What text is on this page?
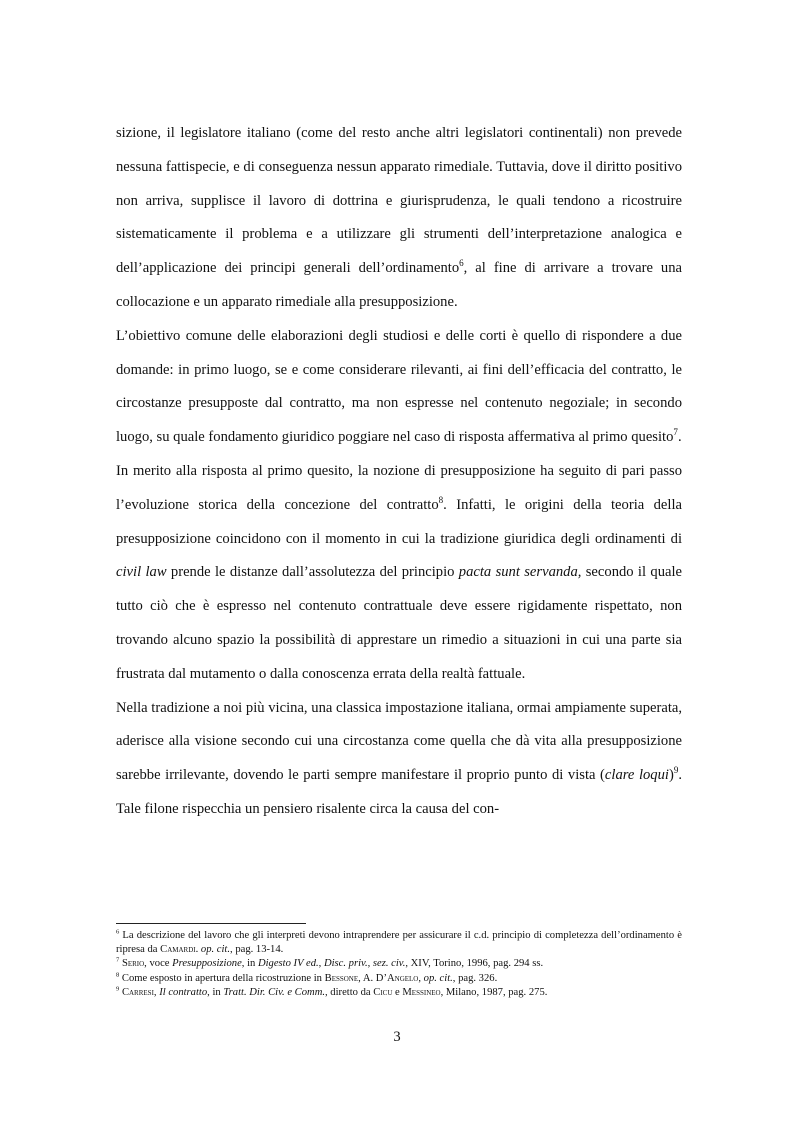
sizione, il legislatore italiano (come del resto anche altri legislatori continentali) non prevede nessuna fattispecie, e di conseguenza nessun apparato rimediale. Tuttavia, dove il diritto positivo non arriva, supplisce il lavoro di dottrina e giurisprudenza, le quali tendono a ricostruire sistematicamente il problema e a utilizzare gli strumenti dell’interpretazione analogica e dell’applicazione dei principi generali dell’ordinamento$^6$, al fine di arrivare a trovare una collocazione e un apparato rimediale alla presupposizione.

L’obiettivo comune delle elaborazioni degli studiosi e delle corti è quello di rispondere a due domande: in primo luogo, se e come considerare rilevanti, ai fini dell’efficacia del contratto, le circostanze presupposte dal contratto, ma non espresse nel contenuto negoziale; in secondo luogo, su quale fondamento giuridico poggiare nel caso di risposta affermativa al primo quesito$^7$.

In merito alla risposta al primo quesito, la nozione di presupposizione ha seguito di pari passo l’evoluzione storica della concezione del contratto$^8$. Infatti, le origini della teoria della presupposizione coincidono con il momento in cui la tradizione giuridica degli ordinamenti di civil law prende le distanze dall’assolutezza del principio pacta sunt servanda, secondo il quale tutto ciò che è espresso nel contenuto contrattuale deve essere rigidamente rispettato, non trovando alcuno spazio la possibilità di apprestare un rimedio a situazioni in cui una parte sia frustrata dal mutamento o dalla conoscenza errata della realtà fattuale.

Nella tradizione a noi più vicina, una classica impostazione italiana, ormai ampiamente superata, aderisce alla visione secondo cui una circostanza come quella che dà vita alla presupposizione sarebbe irrilevante, dovendo le parti sempre manifestare il proprio punto di vista (clare loqui)$^9$. Tale filone rispecchia un pensiero risalente circa la causa del con-

$^6$ La descrizione del lavoro che gli interpreti devono intraprendere per assicurare il c.d. principio di completezza dell’ordinamento è ripresa da Camardi. op. cit., pag. 13-14.

$^7$ Serio, voce Presupposizione, in Digesto IV ed., Disc. priv., sez. civ., XIV, Torino, 1996, pag. 294 ss.

$^8$ Come esposto in apertura della ricostruzione in Bessone, A. D’Angelo, op. cit., pag. 326.

$^9$ Carresi, Il contratto, in Tratt. Dir. Civ. e Comm., diretto da Cicu e Messineo, Milano, 1987, pag. 275.

3
